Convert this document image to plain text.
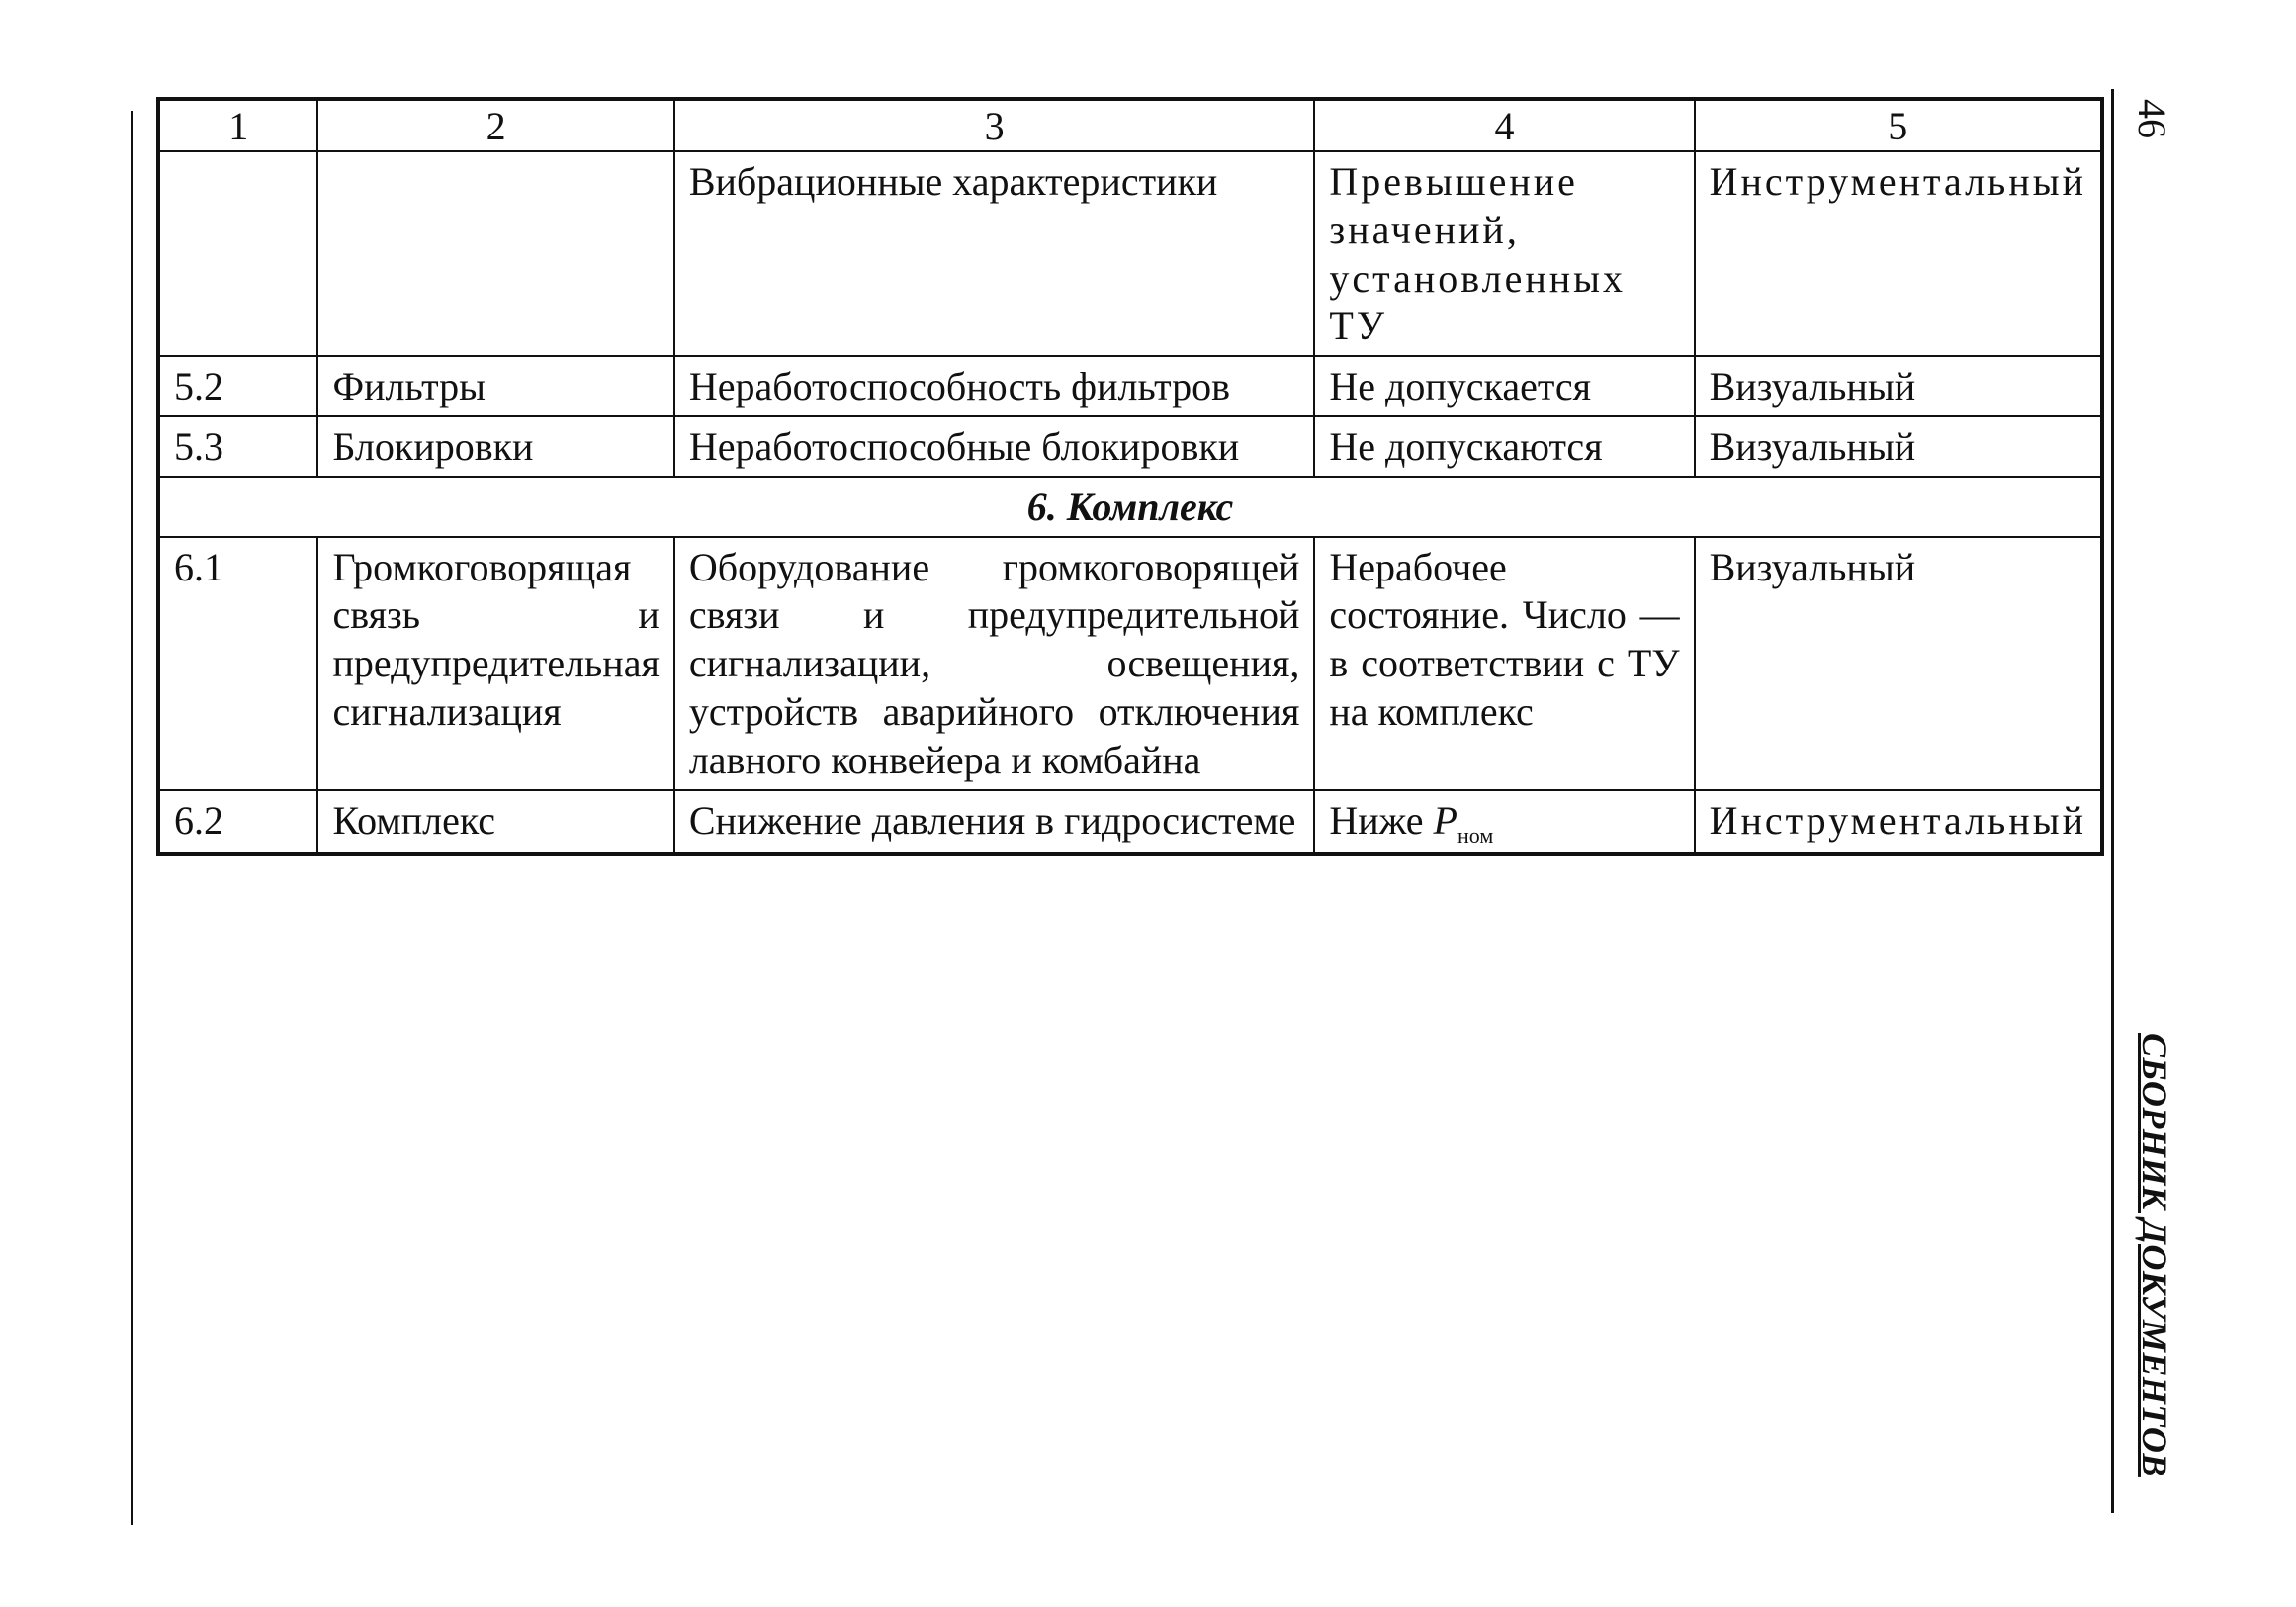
46
СБОРНИК ДОКУМЕНТОВ
1	2	3	4	5
		Вибрационные характеристики	Превышение значений, установленных ТУ	Инструментальный
5.2	Фильтры	Неработоспособность фильтров	Не допускается	Визуальный
5.3	Блокировки	Неработоспособные блокировки	Не допускаются	Визуальный
6. Комплекс				
6.1	Громкоговорящая связь и предупредительная сигнализация	Оборудование громкоговорящей связи и предупредительной сигнализации, освещения, устройств аварийного отключения лавного конвейера и комбайна	Нерабочее состояние. Число — в соответствии с ТУ на комплекс	Визуальный
6.2	Комплекс	Снижение давления в гидросистеме	Ниже $P_{ном}$	Инструментальный
